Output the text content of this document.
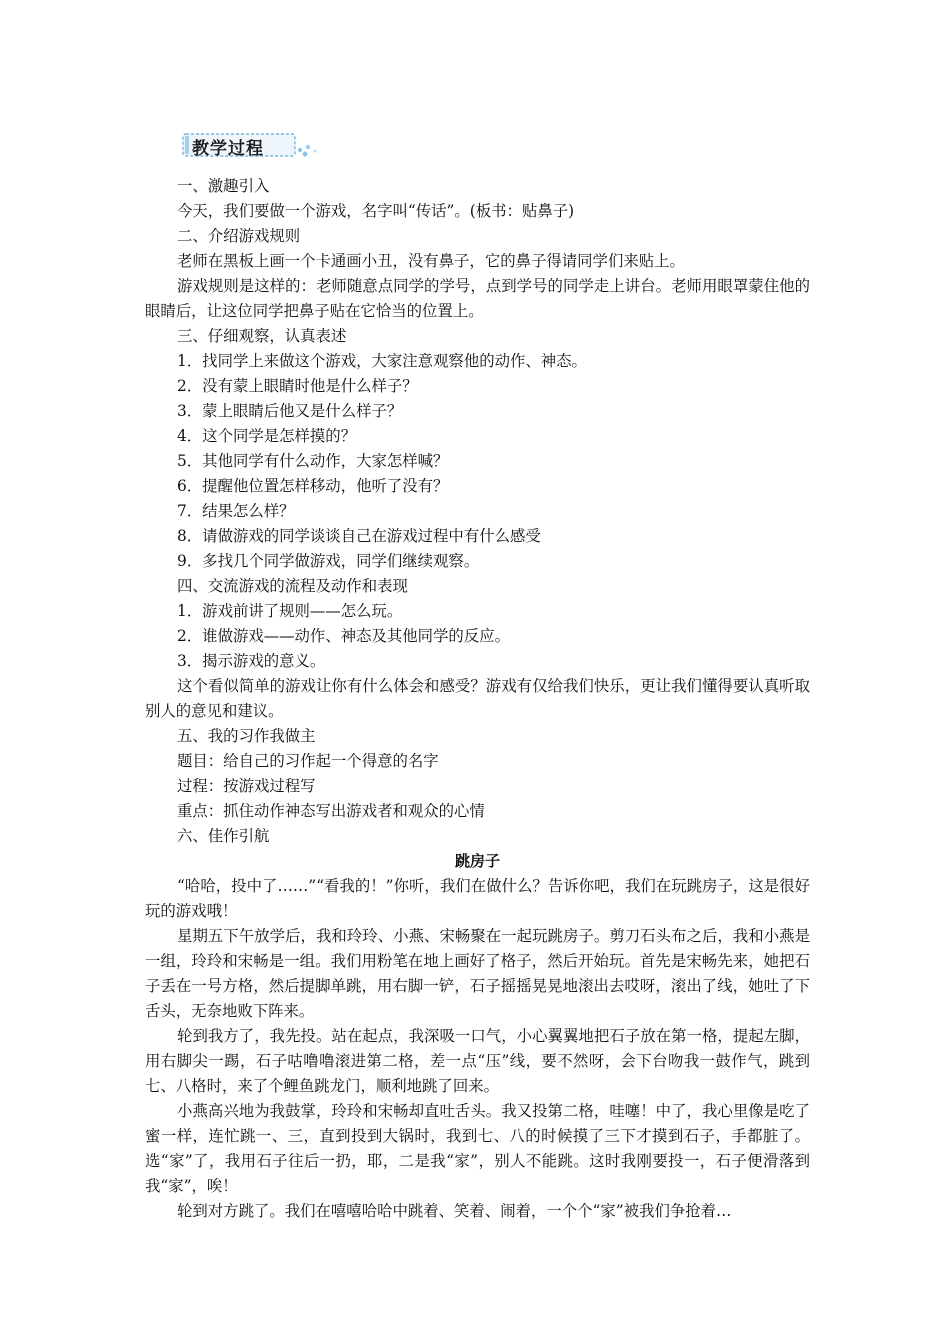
教学过程

一、激趣引入

今天，我们要做一个游戏，名字叫“传话”。(板书：贴鼻子)

二、介绍游戏规则

老师在黑板上画一个卡通画小丑，没有鼻子，它的鼻子得请同学们来贴上。

游戏规则是这样的：老师随意点同学的学号，点到学号的同学走上讲台。老师用眼罩蒙住他的眼睛后，让这位同学把鼻子贴在它恰当的位置上。

三、仔细观察，认真表述

1．找同学上来做这个游戏，大家注意观察他的动作、神态。

2．没有蒙上眼睛时他是什么样子？

3．蒙上眼睛后他又是什么样子？

4．这个同学是怎样摸的？

5．其他同学有什么动作，大家怎样喊？

6．提醒他位置怎样移动，他听了没有？

7．结果怎么样？

8．请做游戏的同学谈谈自己在游戏过程中有什么感受

9．多找几个同学做游戏，同学们继续观察。

四、交流游戏的流程及动作和表现

1．游戏前讲了规则——怎么玩。

2．谁做游戏——动作、神态及其他同学的反应。

3．揭示游戏的意义。

这个看似简单的游戏让你有什么体会和感受？游戏有仅给我们快乐，更让我们懂得要认真听取别人的意见和建议。

五、我的习作我做主

题目：给自己的习作起一个得意的名字

过程：按游戏过程写

重点：抓住动作神态写出游戏者和观众的心情

六、佳作引航

跳房子

“哈哈，投中了……”“看我的！”你听，我们在做什么？告诉你吧，我们在玩跳房子，这是很好玩的游戏哦！

星期五下午放学后，我和玲玲、小燕、宋畅聚在一起玩跳房子。剪刀石头布之后，我和小燕是一组，玲玲和宋畅是一组。我们用粉笔在地上画好了格子，然后开始玩。首先是宋畅先来，她把石子丢在一号方格，然后提脚单跳，用右脚一铲，石子摇摇晃晃地滚出去哎呀，滚出了线，她吐了下舌头，无奈地败下阵来。

轮到我方了，我先投。站在起点，我深吸一口气，小心翼翼地把石子放在第一格，提起左脚，用右脚尖一踢，石子咕噜噜滚进第二格，差一点“压”线，要不然呀，会下台吻我一鼓作气，跳到七、八格时，来了个鲤鱼跳龙门，顺利地跳了回来。

小燕高兴地为我鼓掌，玲玲和宋畅却直吐舌头。我又投第二格，哇噻！中了，我心里像是吃了蜜一样，连忙跳一、三，直到投到大锅时，我到七、八的时候摸了三下才摸到石子，手都脏了。选“家”了，我用石子往后一扔，耶，二是我“家”，别人不能跳。这时我刚要投一，石子便滑落到我“家”，唉！

轮到对方跳了。我们在嘻嘻哈哈中跳着、笑着、闹着，一个个“家”被我们争抢着…
